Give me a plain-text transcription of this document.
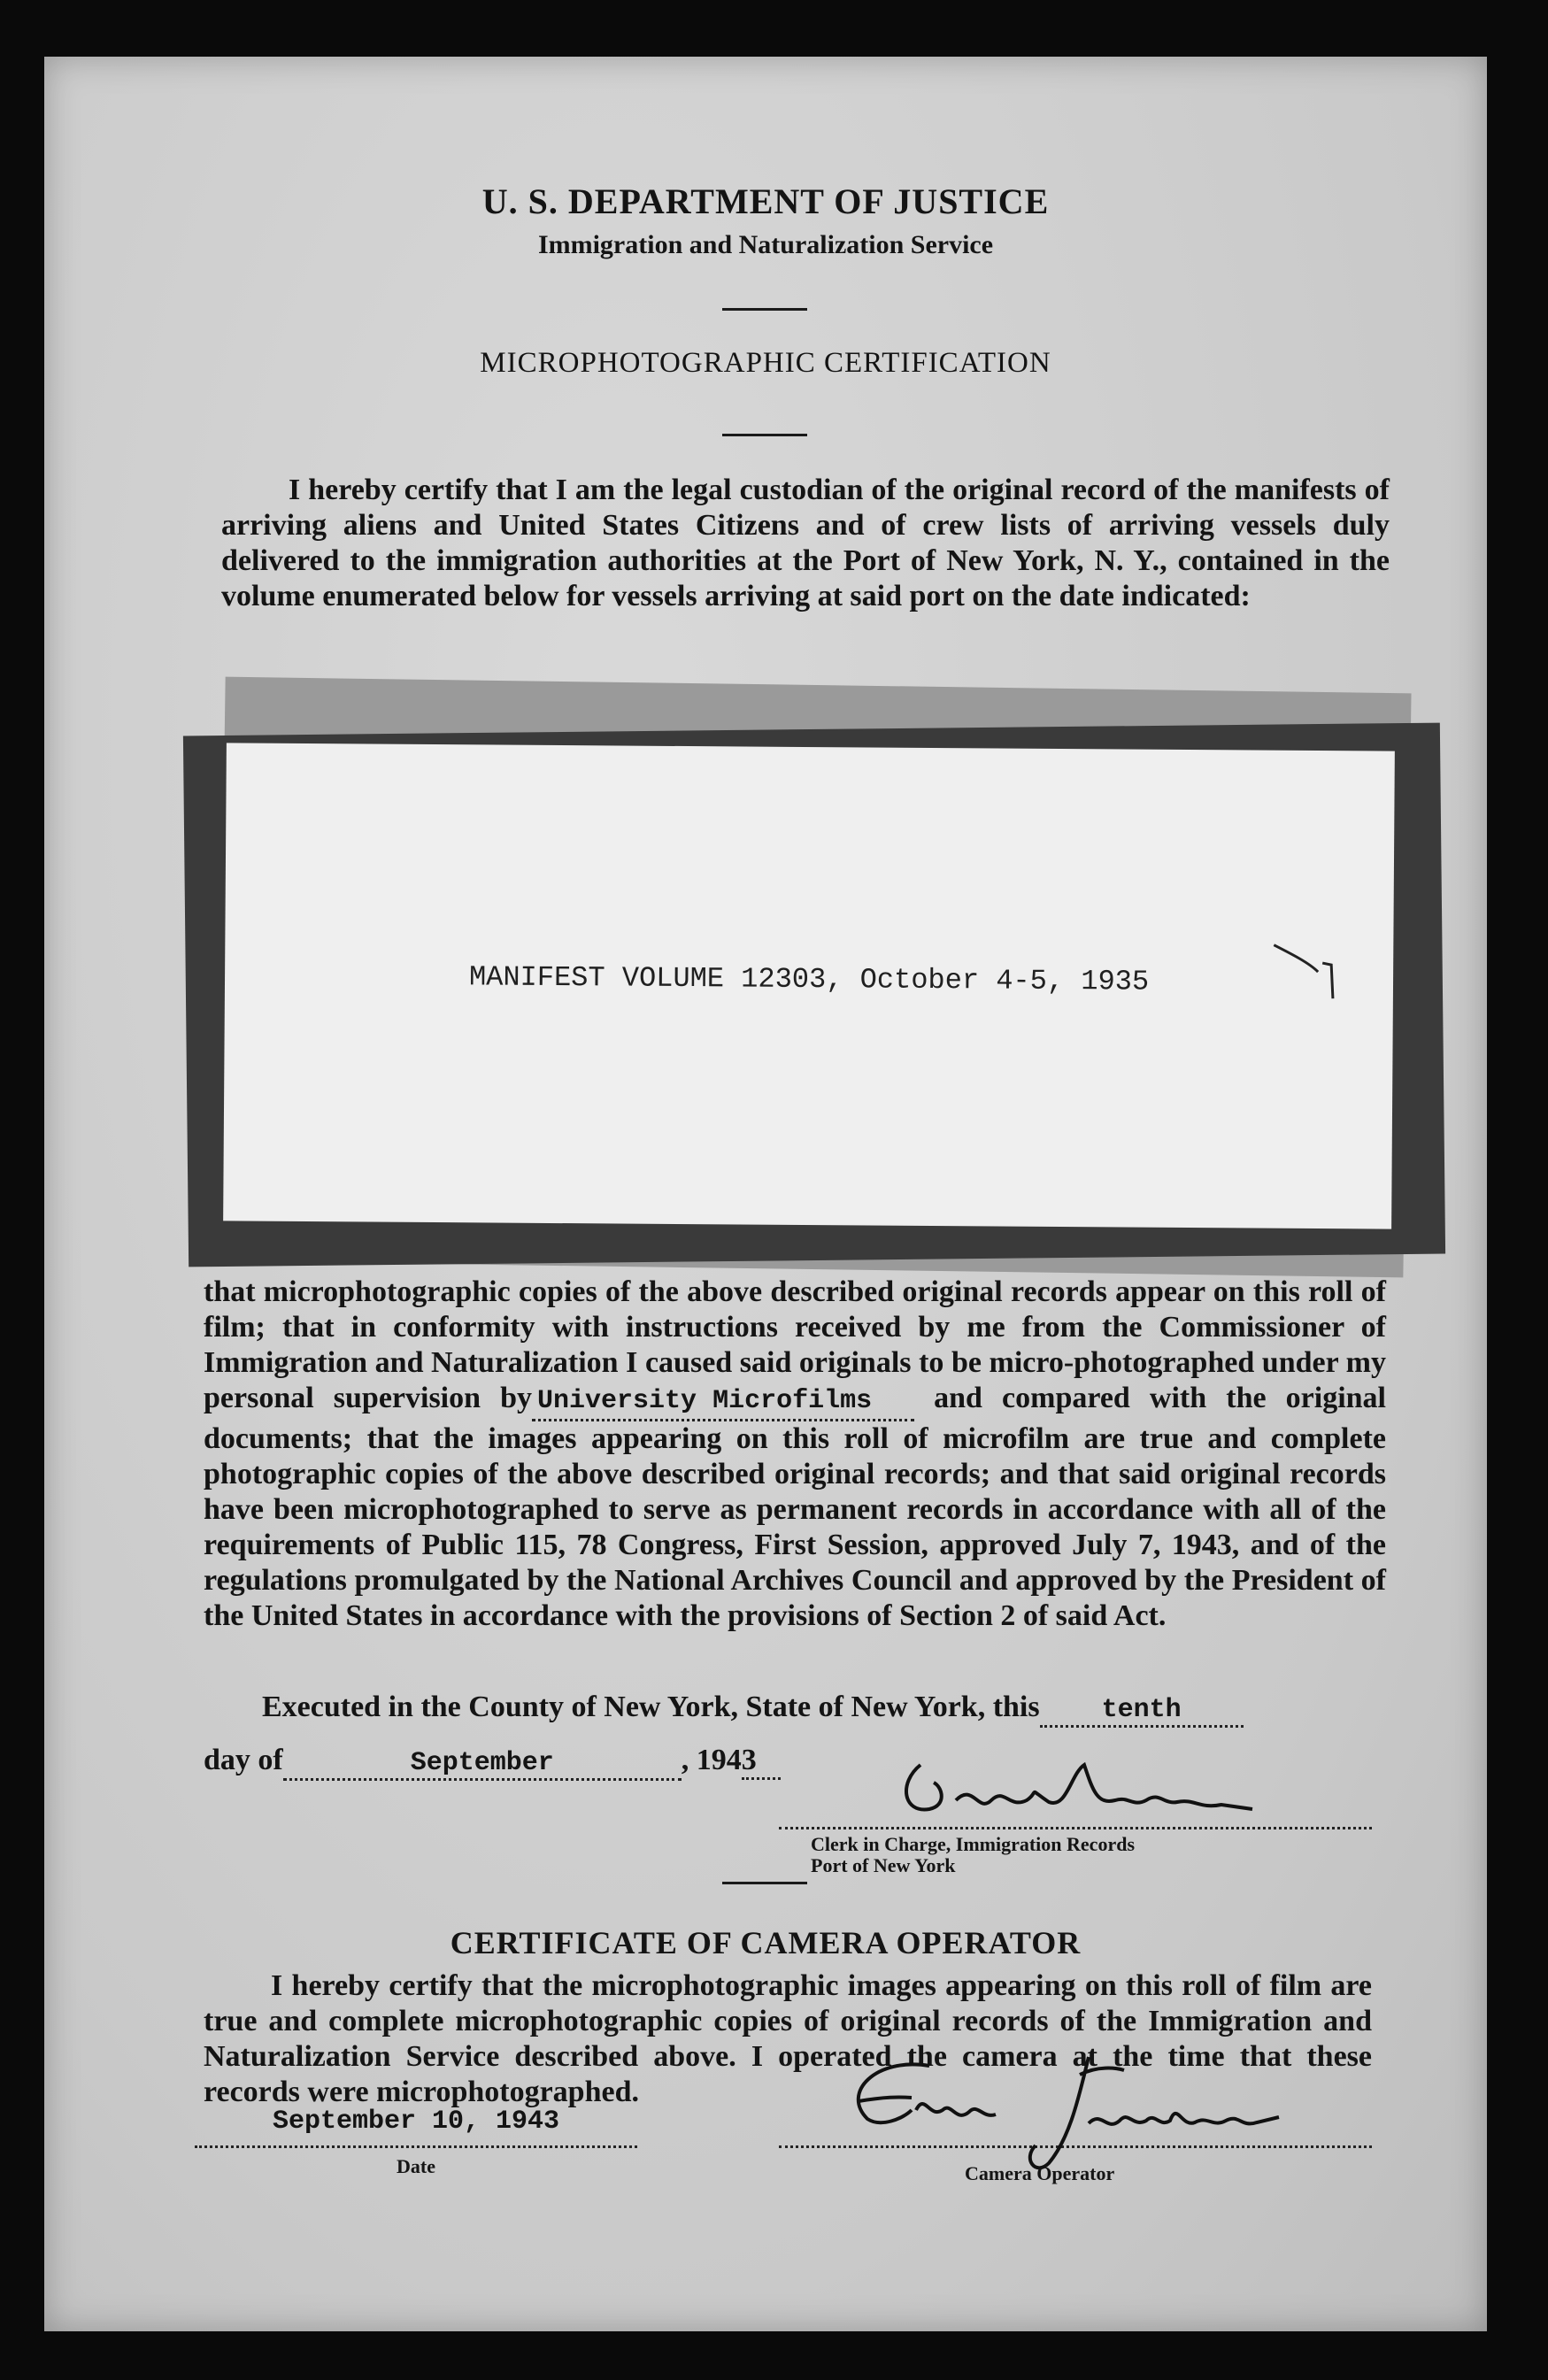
U. S. DEPARTMENT OF JUSTICE
Immigration and Naturalization Service
MICROPHOTOGRAPHIC CERTIFICATION

I hereby certify that I am the legal custodian of the original record of the manifests of arriving aliens and United States Citizens and of crew lists of arriving vessels duly delivered to the immigration authorities at the Port of New York, N. Y., contained in the volume enumerated below for vessels arriving at said port on the date indicated:

MANIFEST VOLUME 12303, October 4-5, 1935
that microphotographic copies of the above described original records appear on this roll of film; that in conformity with instructions received by me from the Commissioner of Immigration and Naturalization I caused said originals to be micro-photographed under my personal supervision by University Microfilms and compared with the original documents; that the images appearing on this roll of microfilm are true and complete photographic copies of the above described original records; and that said original records have been microphotographed to serve as permanent records in accordance with all of the requirements of Public 115, 78 Congress, First Session, approved July 7, 1943, and of the regulations promulgated by the National Archives Council and approved by the President of the United States in accordance with the provisions of Section 2 of said Act.
Executed in the County of New York, State of New York, this tenth
day of	September	, 1943
Clerk in Charge, Immigration Records
Port of New York
CERTIFICATE OF CAMERA OPERATOR

I hereby certify that the microphotographic images appearing on this roll of film are true and complete microphotographic copies of original records of the Immigration and Naturalization Service described above. I operated the camera at the time that these records were microphotographed.

September 10, 1943
Date	Camera Operator
